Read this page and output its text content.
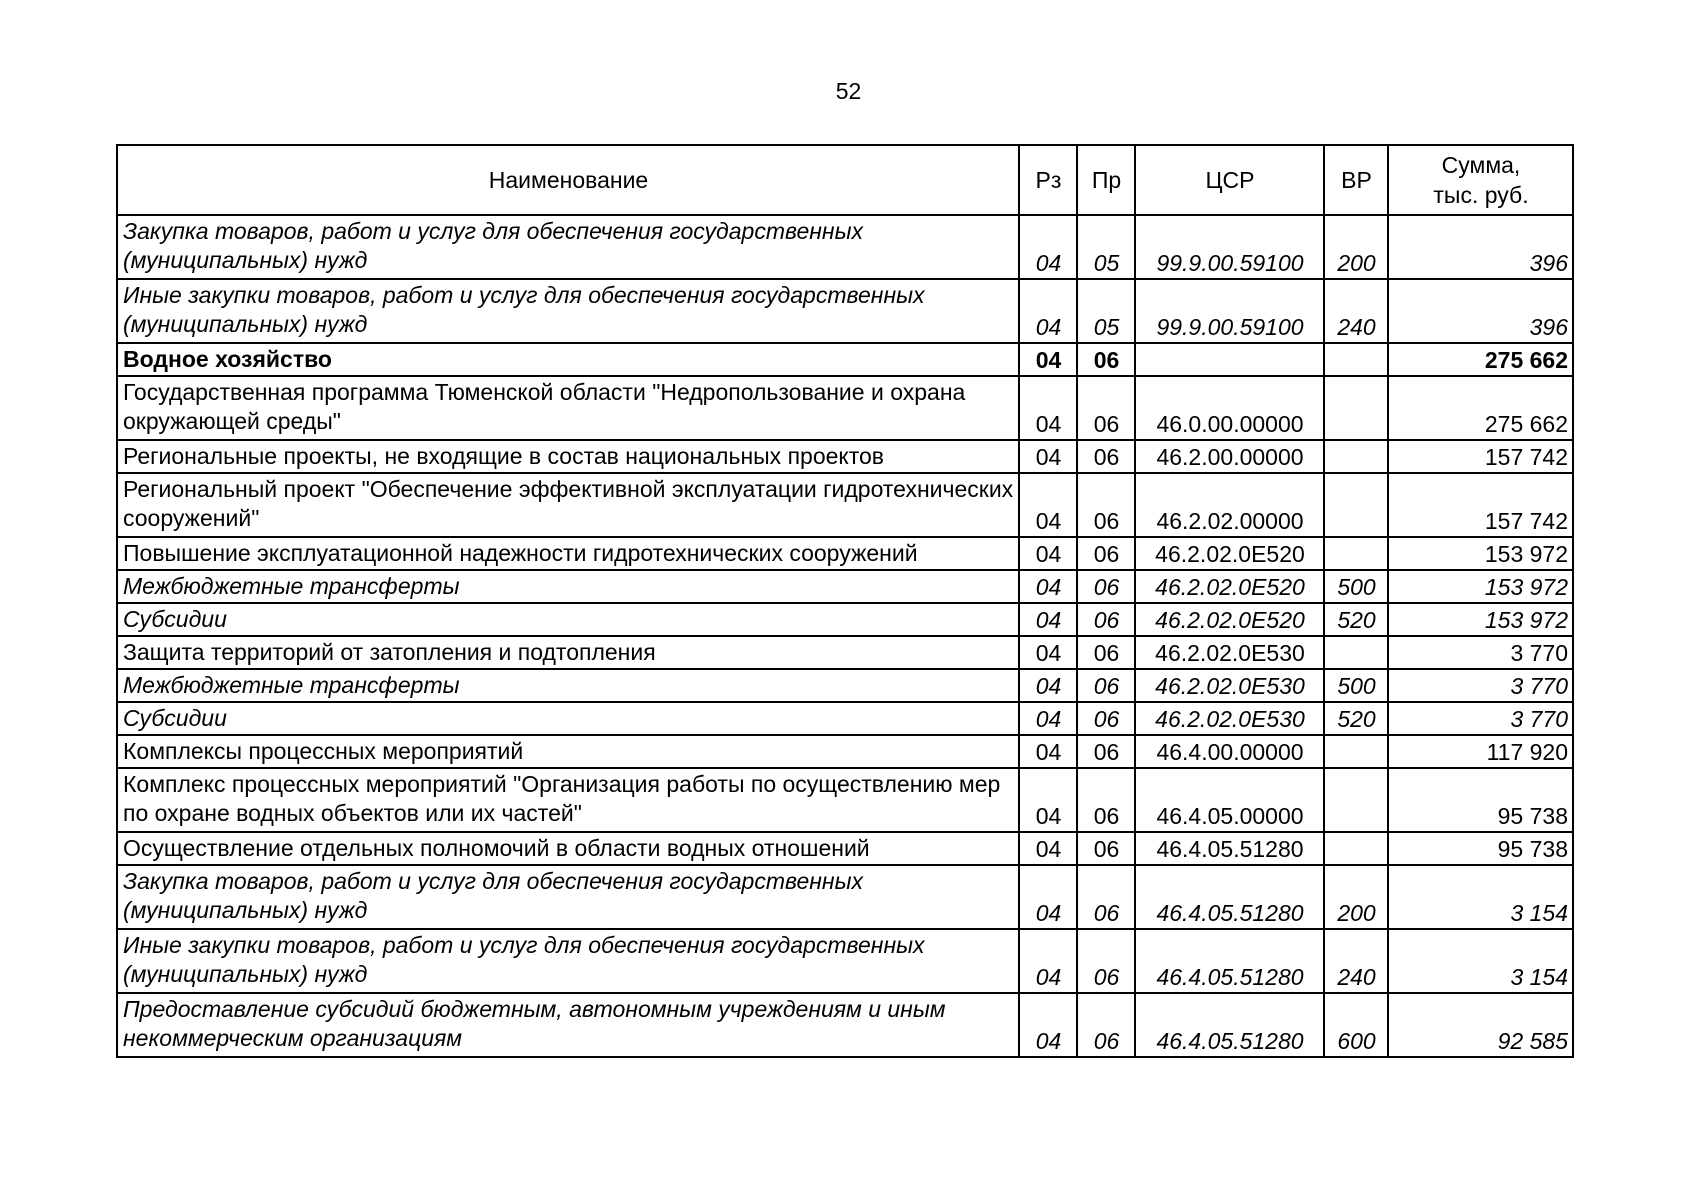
52
Наименование	Рз	Пр	ЦСР	ВР	Сумма,
тыс. руб.
Закупка товаров, работ и услуг для обеспечения государственных (муниципальных) нужд	04	05	99.9.00.59100	200	396
Иные закупки товаров, работ и услуг для обеспечения государственных (муниципальных) нужд	04	05	99.9.00.59100	240	396
Водное хозяйство	04	06			275 662
Государственная программа Тюменской области "Недропользование и охрана окружающей среды"	04	06	46.0.00.00000		275 662
Региональные проекты, не входящие в состав национальных проектов	04	06	46.2.00.00000		157 742
Региональный проект "Обеспечение эффективной эксплуатации гидротехнических сооружений"	04	06	46.2.02.00000		157 742
Повышение эксплуатационной надежности гидротехнических сооружений	04	06	46.2.02.0Е520		153 972
Межбюджетные трансферты	04	06	46.2.02.0Е520	500	153 972
Субсидии	04	06	46.2.02.0Е520	520	153 972
Защита территорий от затопления и подтопления	04	06	46.2.02.0Е530		3 770
Межбюджетные трансферты	04	06	46.2.02.0Е530	500	3 770
Субсидии	04	06	46.2.02.0Е530	520	3 770
Комплексы процессных мероприятий	04	06	46.4.00.00000		117 920
Комплекс процессных мероприятий "Организация работы по осуществлению мер по охране водных объектов или их частей"	04	06	46.4.05.00000		95 738
Осуществление отдельных полномочий в области водных отношений	04	06	46.4.05.51280		95 738
Закупка товаров, работ и услуг для обеспечения государственных (муниципальных) нужд	04	06	46.4.05.51280	200	3 154
Иные закупки товаров, работ и услуг для обеспечения государственных (муниципальных) нужд	04	06	46.4.05.51280	240	3 154
Предоставление субсидий бюджетным, автономным учреждениям и иным некоммерческим организациям	04	06	46.4.05.51280	600	92 585
